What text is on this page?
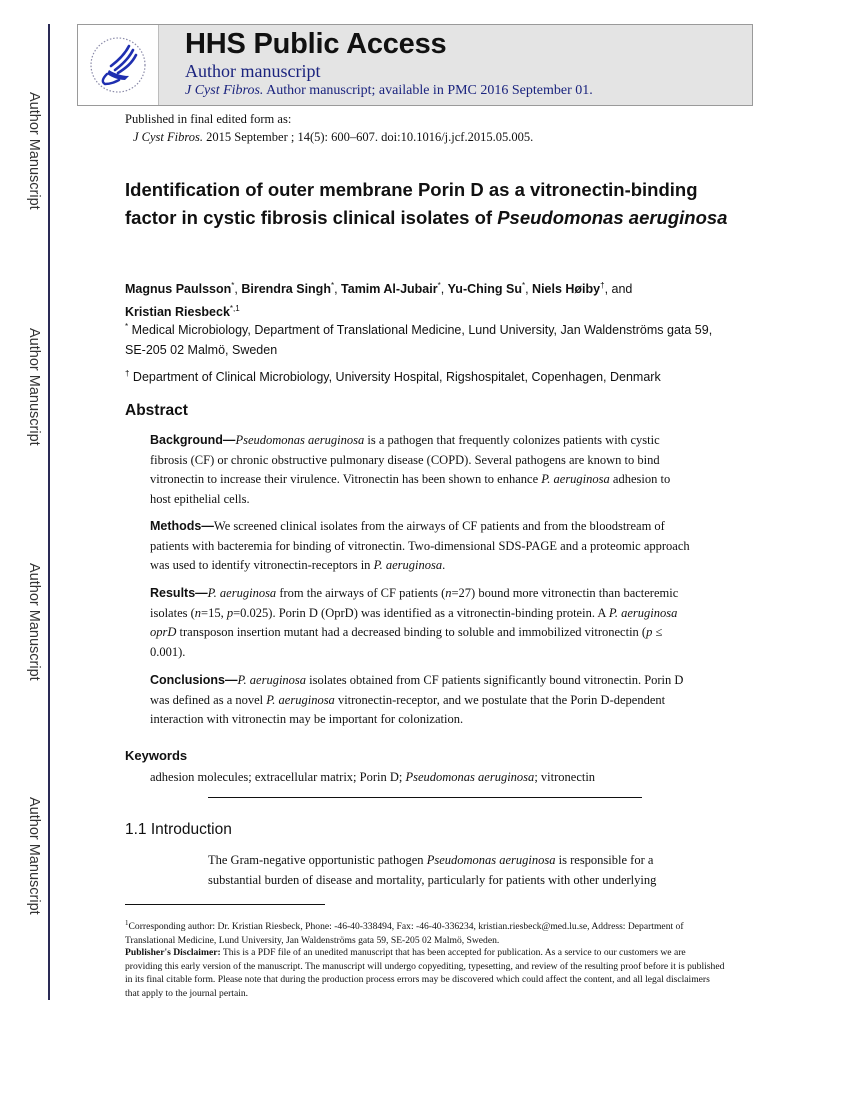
Author Manuscript
Author Manuscript
Author Manuscript
Author Manuscript
HHS Public Access
Author manuscript
J Cyst Fibros. Author manuscript; available in PMC 2016 September 01.
Published in final edited form as:
J Cyst Fibros. 2015 September ; 14(5): 600–607. doi:10.1016/j.jcf.2015.05.005.
Identification of outer membrane Porin D as a vitronectin-binding factor in cystic fibrosis clinical isolates of Pseudomonas aeruginosa
Magnus Paulsson*, Birendra Singh*, Tamim Al-Jubair*, Yu-Ching Su*, Niels Høiby†, and
Kristian Riesbeck$^{*,1}$
* Medical Microbiology, Department of Translational Medicine, Lund University, Jan Waldenströms gata 59, SE-205 02 Malmö, Sweden
† Department of Clinical Microbiology, University Hospital, Rigshospitalet, Copenhagen, Denmark
Abstract
Background—Pseudomonas aeruginosa is a pathogen that frequently colonizes patients with cystic fibrosis (CF) or chronic obstructive pulmonary disease (COPD). Several pathogens are known to bind vitronectin to increase their virulence. Vitronectin has been shown to enhance P. aeruginosa adhesion to host epithelial cells.
Methods—We screened clinical isolates from the airways of CF patients and from the bloodstream of patients with bacteremia for binding of vitronectin. Two-dimensional SDS-PAGE and a proteomic approach was used to identify vitronectin-receptors in P. aeruginosa.
Results—P. aeruginosa from the airways of CF patients (n=27) bound more vitronectin than bacteremic isolates (n=15, p=0.025). Porin D (OprD) was identified as a vitronectin-binding protein. A P. aeruginosa oprD transposon insertion mutant had a decreased binding to soluble and immobilized vitronectin (p ≤ 0.001).
Conclusions—P. aeruginosa isolates obtained from CF patients significantly bound vitronectin. Porin D was defined as a novel P. aeruginosa vitronectin-receptor, and we postulate that the Porin D-dependent interaction with vitronectin may be important for colonization.
Keywords
adhesion molecules; extracellular matrix; Porin D; Pseudomonas aeruginosa; vitronectin
1.1 Introduction
The Gram-negative opportunistic pathogen Pseudomonas aeruginosa is responsible for a substantial burden of disease and mortality, particularly for patients with other underlying
$^1$Corresponding author: Dr. Kristian Riesbeck, Phone: -46-40-338494, Fax: -46-40-336234, kristian.riesbeck@med.lu.se, Address: Department of Translational Medicine, Lund University, Jan Waldenströms gata 59, SE-205 02 Malmö, Sweden.
Publisher's Disclaimer: This is a PDF file of an unedited manuscript that has been accepted for publication. As a service to our customers we are providing this early version of the manuscript. The manuscript will undergo copyediting, typesetting, and review of the resulting proof before it is published in its final citable form. Please note that during the production process errors may be discovered which could affect the content, and all legal disclaimers that apply to the journal pertain.
